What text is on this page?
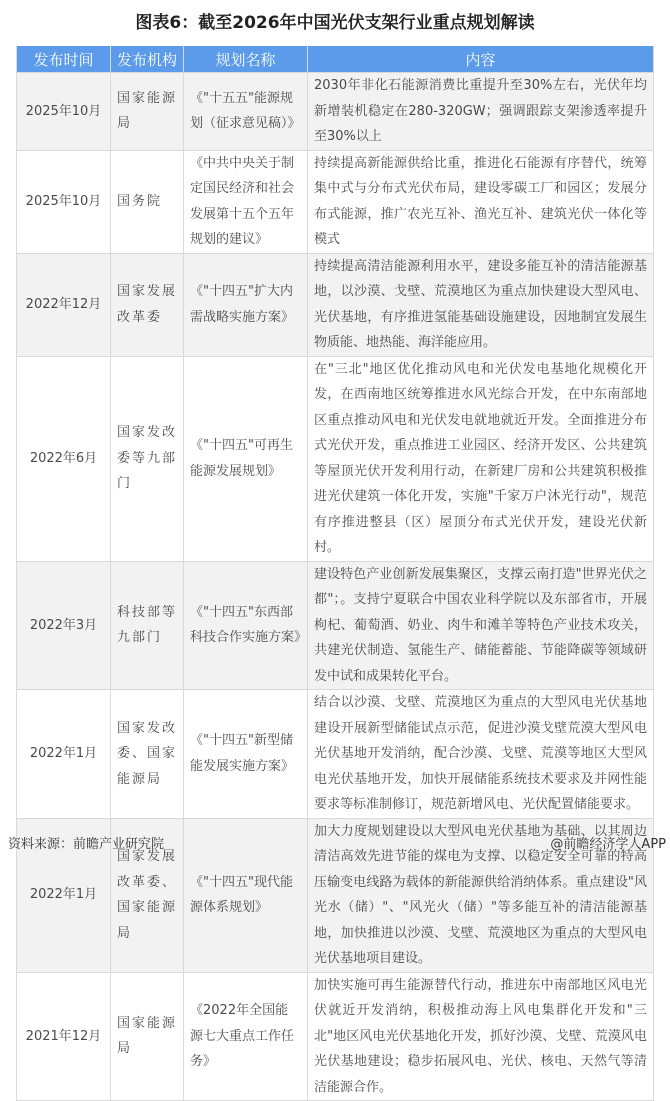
图表6：截至2026年中国光伏支架行业重点规划解读
发布时间	发布机构	规划名称	内容
2025年10月	国家能源局	《"十五五"能源规划（征求意见稿）》	2030年非化石能源消费比重提升至30%左右，光伏年均新增装机稳定在280-320GW；强调跟踪支架渗透率提升至30%以上
2025年10月	国务院	《中共中央关于制定国民经济和社会发展第十五个五年规划的建议》	持续提高新能源供给比重，推进化石能源有序替代，统筹集中式与分布式光伏布局，建设零碳工厂和园区；发展分布式能源，推广农光互补、渔光互补、建筑光伏一体化等模式
2022年12月	国家发展改革委	《"十四五"扩大内需战略实施方案》	持续提高清洁能源利用水平，建设多能互补的清洁能源基地，以沙漠、戈壁、荒漠地区为重点加快建设大型风电、光伏基地，有序推进氢能基础设施建设，因地制宜发展生物质能、地热能、海洋能应用。
2022年6月	国家发改委等九部门	《"十四五"可再生能源发展规划》	在"三北"地区优化推动风电和光伏发电基地化规模化开发，在西南地区统筹推进水风光综合开发，在中东南部地区重点推动风电和光伏发电就地就近开发。全面推进分布式光伏开发，重点推进工业园区、经济开发区、公共建筑等屋顶光伏开发利用行动，在新建厂房和公共建筑积极推进光伏建筑一体化开发，实施"千家万户沐光行动"，规范有序推进整县（区）屋顶分布式光伏开发，建设光伏新村。
2022年3月	科技部等九部门	《"十四五"东西部科技合作实施方案》	建设特色产业创新发展集聚区，支撑云南打造"世界光伏之都"；。支持宁夏联合中国农业科学院以及东部省市，开展枸杞、葡萄酒、奶业、肉牛和滩羊等特色产业技术攻关，共建光伏制造、氢能生产、储能蓄能、节能降碳等领域研发中试和成果转化平台。
2022年1月	国家发改委、国家能源局	《"十四五"新型储能发展实施方案》	结合以沙漠、戈壁、荒漠地区为重点的大型风电光伏基地建设开展新型储能试点示范，促进沙漠戈壁荒漠大型风电光伏基地开发消纳，配合沙漠、戈壁、荒漠等地区大型风电光伏基地开发，加快开展储能系统技术要求及并网性能要求等标准制修订，规范新增风电、光伏配置储能要求。
2022年1月	国家发展改革委、国家能源局	《"十四五"现代能源体系规划》	加大力度规划建设以大型风电光伏基地为基础、以其周边清洁高效先进节能的煤电为支撑、以稳定安全可靠的特高压输变电线路为载体的新能源供给消纳体系。重点建设"风光水（储）"、"风光火（储）"等多能互补的清洁能源基地，加快推进以沙漠、戈壁、荒漠地区为重点的大型风电光伏基地项目建设。
2021年12月	国家能源局	《2022年全国能源七大重点工作任务》	加快实施可再生能源替代行动，推进东中南部地区风电光伏就近开发消纳，积极推动海上风电集群化开发和"三北"地区风电光伏基地化开发，抓好沙漠、戈壁、荒漠风电光伏基地建设；稳步拓展风电、光伏、核电、天然气等清洁能源合作。
资料来源：前瞻产业研究院	@前瞻经济学人APP
